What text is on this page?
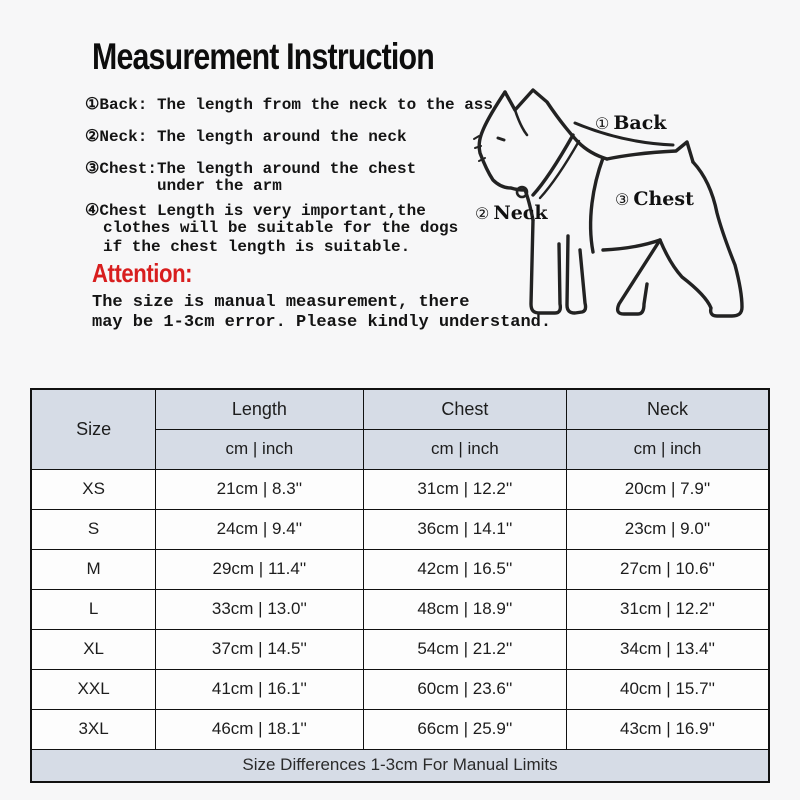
Measurement Instruction
①Back: The length from the neck to the ass
②Neck: The length around the neck
③Chest:The length around the chest
under the arm
④Chest Length is very important,the
clothes will be suitable for the dogs
if the chest length is suitable.
Attention:
The size is manual measurement, there
may be 1-3cm error. Please kindly understand.
① Back
② Neck
③ Chest
Size	Length	Chest	Neck
	cm | inch	cm | inch	cm | inch
XS	21cm | 8.3''	31cm | 12.2''	20cm | 7.9''
S	24cm | 9.4''	36cm | 14.1''	23cm | 9.0''
M	29cm | 11.4''	42cm | 16.5''	27cm | 10.6''
L	33cm | 13.0''	48cm | 18.9''	31cm | 12.2''
XL	37cm | 14.5''	54cm | 21.2''	34cm | 13.4''
XXL	41cm | 16.1''	60cm | 23.6''	40cm | 15.7''
3XL	46cm | 18.1''	66cm | 25.9''	43cm | 16.9''
Size Differences 1-3cm For Manual Limits			
